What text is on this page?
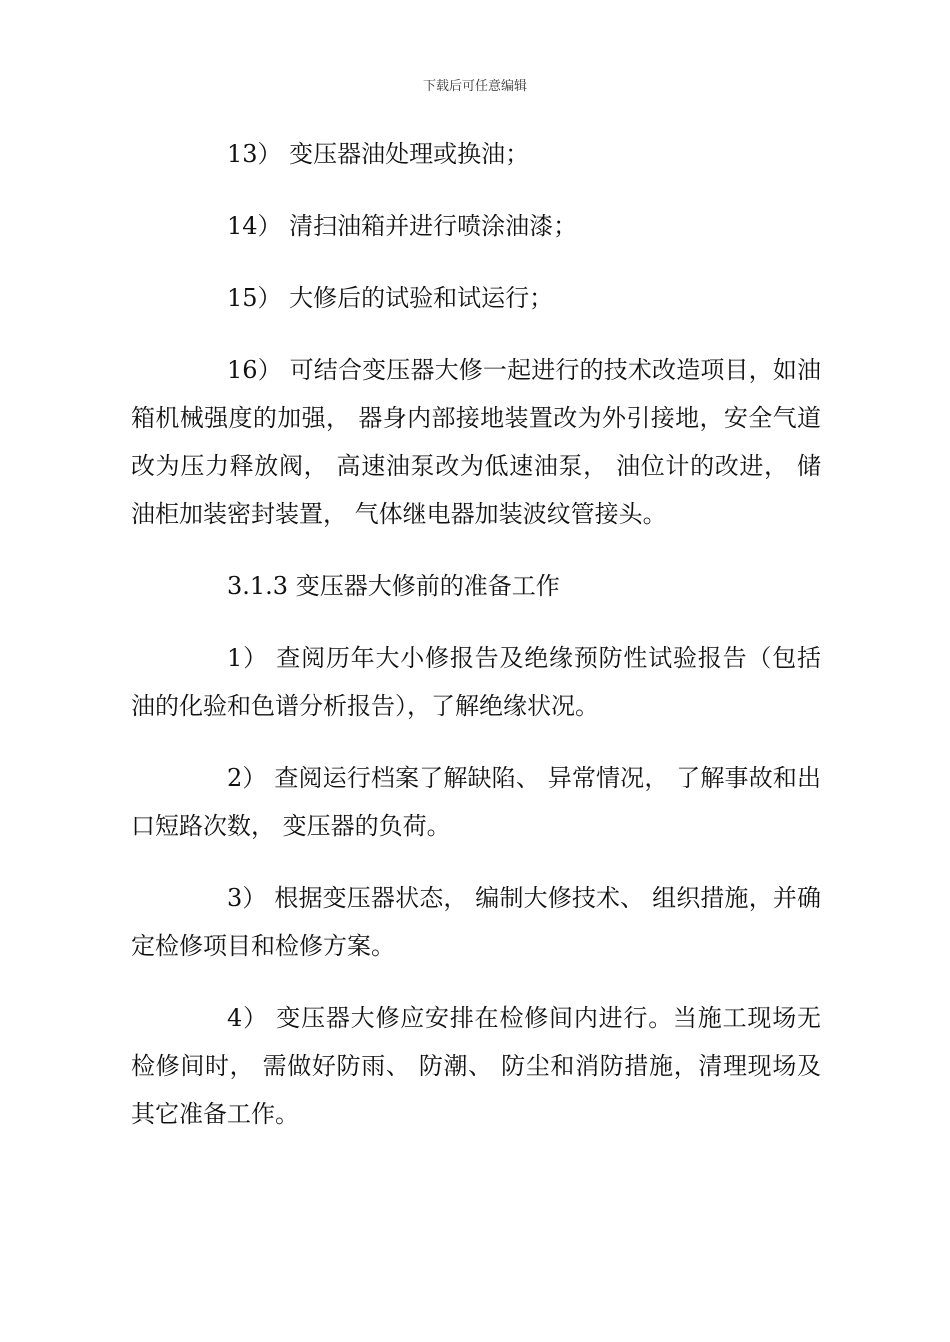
下载后可任意编辑

13） 变压器油处理或换油；

14） 清扫油箱并进行喷涂油漆；

15） 大修后的试验和试运行；

16） 可结合变压器大修一起进行的技术改造项目，如油箱机械强度的加强， 器身内部接地装置改为外引接地，安全气道改为压力释放阀， 高速油泵改为低速油泵， 油位计的改进， 储油柜加装密封装置， 气体继电器加装波纹管接头。

3.1.3 变压器大修前的准备工作

1） 查阅历年大小修报告及绝缘预防性试验报告（包括油的化验和色谱分析报告），了解绝缘状况。

2） 查阅运行档案了解缺陷、 异常情况， 了解事故和出口短路次数， 变压器的负荷。

3） 根据变压器状态， 编制大修技术、 组织措施，并确定检修项目和检修方案。

4） 变压器大修应安排在检修间内进行。当施工现场无检修间时， 需做好防雨、 防潮、 防尘和消防措施，清理现场及其它准备工作。
